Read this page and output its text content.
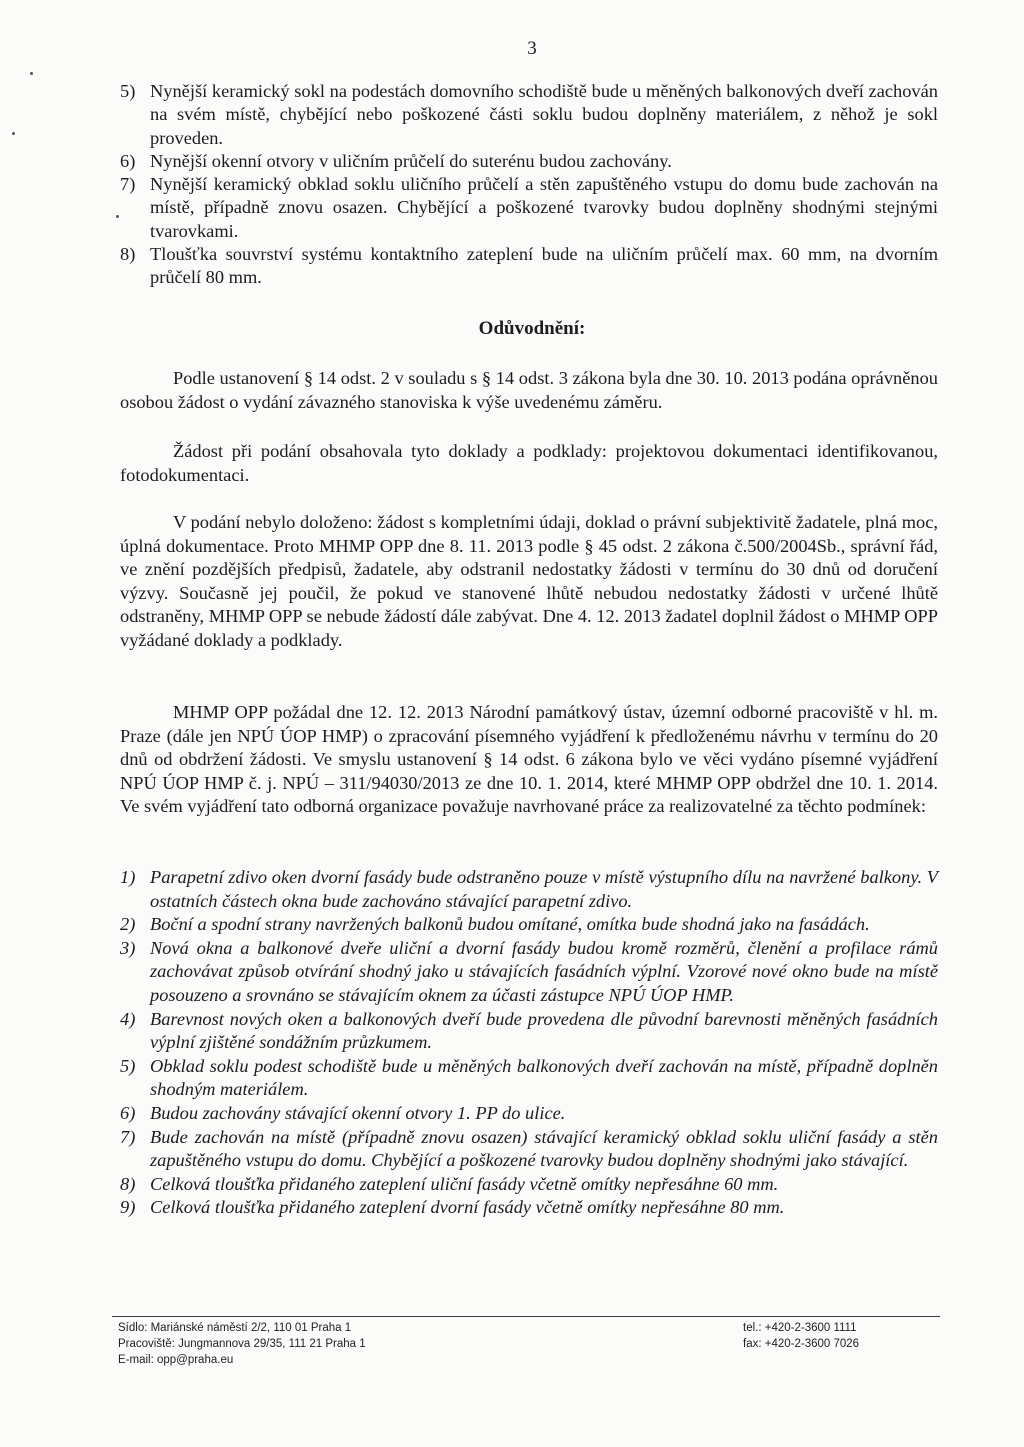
3
5) Nynější keramický sokl na podestách domovního schodiště bude u měněných balkonových dveří zachován na svém místě, chybějící nebo poškozené části soklu budou doplněny materiálem, z něhož je sokl proveden.
6) Nynější okenní otvory v uličním průčelí do suterénu budou zachovány.
7) Nynější keramický obklad soklu uličního průčelí a stěn zapuštěného vstupu do domu bude zachován na místě, případně znovu osazen. Chybějící a poškozené tvarovky budou doplněny shodnými stejnými tvarovkami.
8) Tloušťka souvrství systému kontaktního zateplení bude na uličním průčelí max. 60 mm, na dvorním průčelí 80 mm.
Odůvodnění:

Podle ustanovení § 14 odst. 2 v souladu s § 14 odst. 3 zákona byla dne 30. 10. 2013 podána oprávněnou osobou žádost o vydání závazného stanoviska k výše uvedenému záměru.

Žádost při podání obsahovala tyto doklady a podklady: projektovou dokumentaci identifikovanou, fotodokumentaci.

V podání nebylo doloženo: žádost s kompletními údaji, doklad o právní subjektivitě žadatele, plná moc, úplná dokumentace. Proto MHMP OPP dne 8. 11. 2013 podle § 45 odst. 2 zákona č.500/2004Sb., správní řád, ve znění pozdějších předpisů, žadatele, aby odstranil nedostatky žádosti v termínu do 30 dnů od doručení výzvy. Současně jej poučil, že pokud ve stanovené lhůtě nebudou nedostatky žádosti v určené lhůtě odstraněny, MHMP OPP se nebude žádostí dále zabývat. Dne 4. 12. 2013 žadatel doplnil žádost o MHMP OPP vyžádané doklady a podklady.

MHMP OPP požádal dne 12. 12. 2013 Národní památkový ústav, územní odborné pracoviště v hl. m. Praze (dále jen NPÚ ÚOP HMP) o zpracování písemného vyjádření k předloženému návrhu v termínu do 20 dnů od obdržení žádosti. Ve smyslu ustanovení § 14 odst. 6 zákona bylo ve věci vydáno písemné vyjádření NPÚ ÚOP HMP č. j. NPÚ – 311/94030/2013 ze dne 10. 1. 2014, které MHMP OPP obdržel dne 10. 1. 2014. Ve svém vyjádření tato odborná organizace považuje navrhované práce za realizovatelné za těchto podmínek:

1) Parapetní zdivo oken dvorní fasády bude odstraněno pouze v místě výstupního dílu na navržené balkony. V ostatních částech okna bude zachováno stávající parapetní zdivo.
2) Boční a spodní strany navržených balkonů budou omítané, omítka bude shodná jako na fasádách.
3) Nová okna a balkonové dveře uliční a dvorní fasády budou kromě rozměrů, členění a profilace rámů zachovávat způsob otvírání shodný jako u stávajících fasádních výplní. Vzorové nové okno bude na místě posouzeno a srovnáno se stávajícím oknem za účasti zástupce NPÚ ÚOP HMP.
4) Barevnost nových oken a balkonových dveří bude provedena dle původní barevnosti měněných fasádních výplní zjištěné sondážním průzkumem.
5) Obklad soklu podest schodiště bude u měněných balkonových dveří zachován na místě, případně doplněn shodným materiálem.
6) Budou zachovány stávající okenní otvory 1. PP do ulice.
7) Bude zachován na místě (případně znovu osazen) stávající keramický obklad soklu uliční fasády a stěn zapuštěného vstupu do domu. Chybějící a poškozené tvarovky budou doplněny shodnými jako stávající.
8) Celková tloušťka přidaného zateplení uliční fasády včetně omítky nepřesáhne 60 mm.
9) Celková tloušťka přidaného zateplení dvorní fasády včetně omítky nepřesáhne 80 mm.
Sídlo: Mariánské náměstí 2/2, 110 01 Praha 1
Pracoviště: Jungmannova 29/35, 111 21 Praha 1
E-mail: opp@praha.eu
tel.: +420-2-3600 1111
fax: +420-2-3600 7026
